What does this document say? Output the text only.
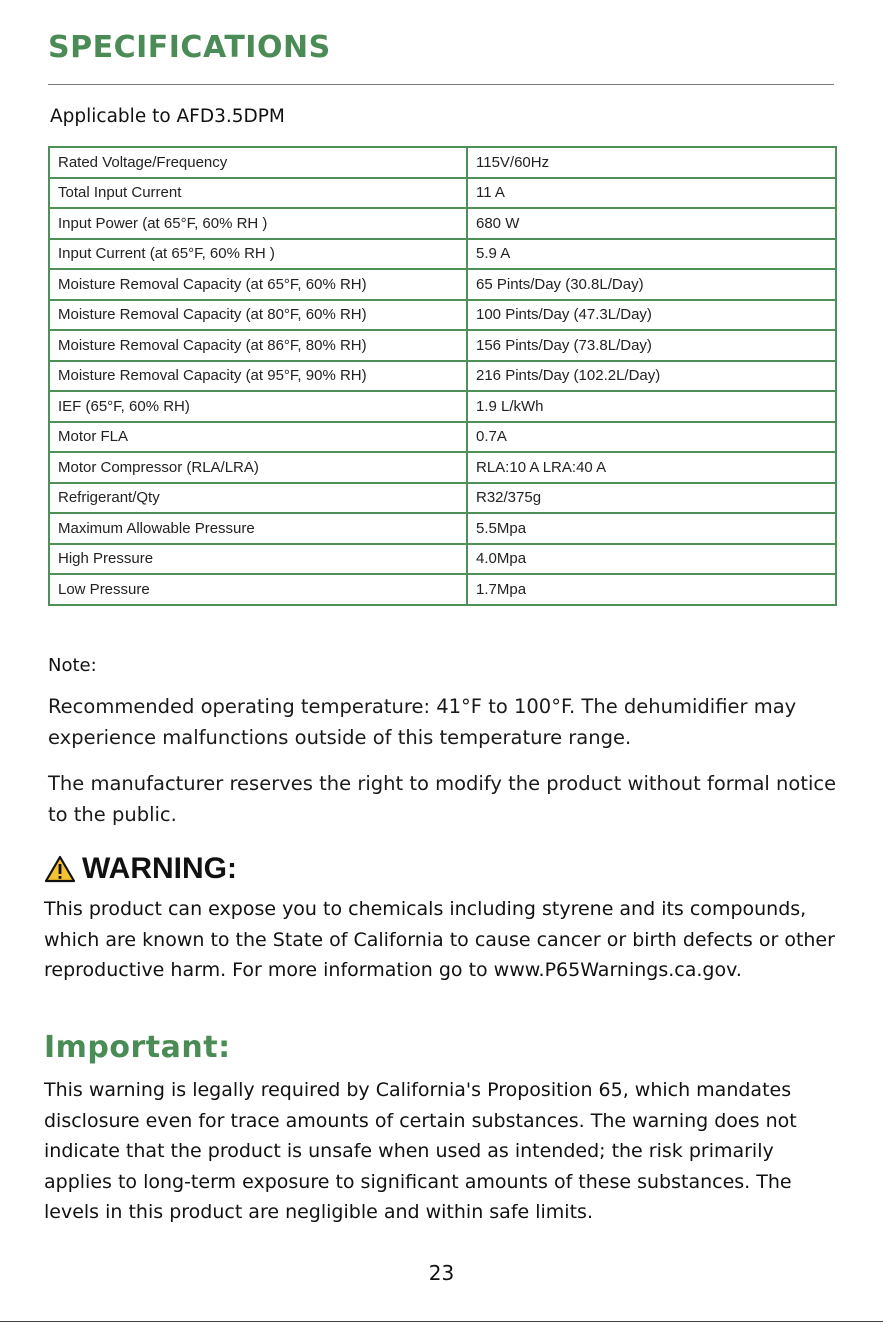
SPECIFICATIONS
Applicable to AFD3.5DPM
Rated Voltage/Frequency	115V/60Hz
Total Input Current	11 A
Input Power (at 65°F, 60% RH )	680 W
Input Current (at 65°F, 60% RH )	5.9 A
Moisture Removal Capacity (at 65°F, 60% RH)	65 Pints/Day (30.8L/Day)
Moisture Removal Capacity (at 80°F, 60% RH)	100 Pints/Day (47.3L/Day)
Moisture Removal Capacity (at 86°F, 80% RH)	156 Pints/Day (73.8L/Day)
Moisture Removal Capacity (at 95°F, 90% RH)	216 Pints/Day (102.2L/Day)
IEF (65°F, 60% RH)	1.9 L/kWh
Motor FLA	0.7A
Motor Compressor (RLA/LRA)	RLA:10 A LRA:40 A
Refrigerant/Qty	R32/375g
Maximum Allowable Pressure	5.5Mpa
High Pressure	4.0Mpa
Low Pressure	1.7Mpa
Note:
Recommended operating temperature: 41°F to 100°F. The dehumidifier may experience malfunctions outside of this temperature range.
The manufacturer reserves the right to modify the product without formal notice to the public.
WARNING:
This product can expose you to chemicals including styrene and its compounds, which are known to the State of California to cause cancer or birth defects or other reproductive harm. For more information go to www.P65Warnings.ca.gov.
Important:
This warning is legally required by California's Proposition 65, which mandates disclosure even for trace amounts of certain substances. The warning does not indicate that the product is unsafe when used as intended; the risk primarily applies to long-term exposure to significant amounts of these substances. The levels in this product are negligible and within safe limits.
23
